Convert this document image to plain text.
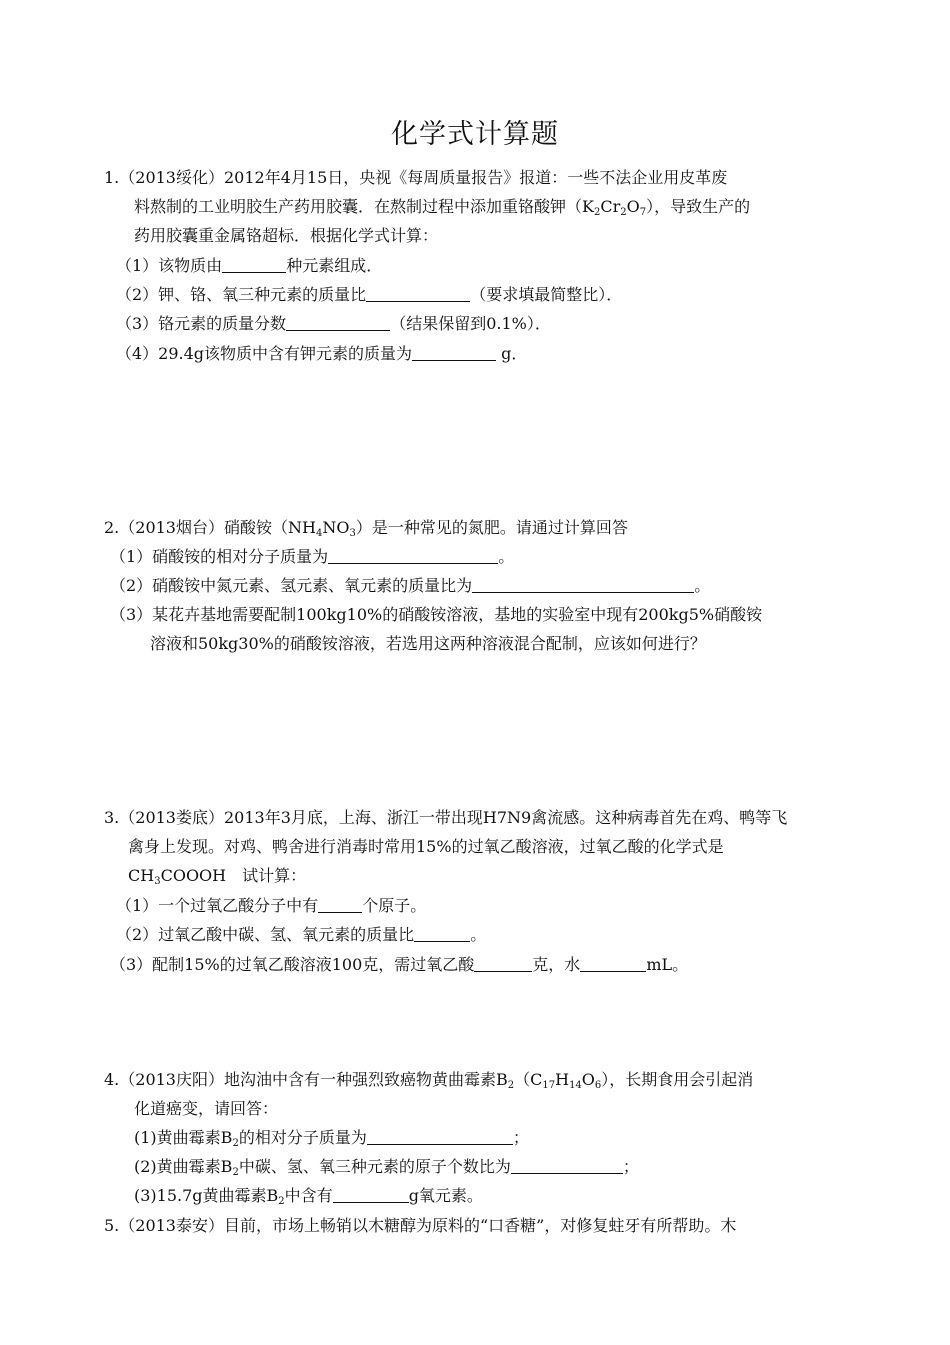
化学式计算题
1.（2013绥化）2012年4月15日，央视《每周质量报告》报道：一些不法企业用皮革废
料熬制的工业明胶生产药用胶囊．在熬制过程中添加重铬酸钾$(K_2Cr_2O_7)$，导致生产的
药用胶囊重金属铬超标．根据化学式计算：
（1）该物质由	种元素组成．
（2）钾、铬、氧三种元素的质量比	（要求填最简整比）．
（3）铬元素的质量分数	（结果保留到0.1%）．
（4）29.4g该物质中含有钾元素的质量为	g．
2.（2013烟台）硝酸铵$(NH_4NO_3)$是一种常见的氮肥。请通过计算回答
（1）硝酸铵的相对分子质量为	。
（2）硝酸铵中氮元素、氢元素、氧元素的质量比为	。
（3）某花卉基地需要配制100kg10%的硝酸铵溶液，基地的实验室中现有200kg5%硝酸铵
溶液和50kg30%的硝酸铵溶液，若选用这两种溶液混合配制，应该如何进行？
3.（2013娄底）2013年3月底，上海、浙江一带出现H7N9禽流感。这种病毒首先在鸡、鸭等飞
禽身上发现。对鸡、鸭舍进行消毒时常用15%的过氧乙酸溶液，过氧乙酸的化学式是
$CH_3COOOH$　试计算：
（1）一个过氧乙酸分子中有	个原子。
（2）过氧乙酸中碳、氢、氧元素的质量比	。
（3）配制15%的过氧乙酸溶液100克，需过氧乙酸	克，水	mL。
4.（2013庆阳）地沟油中含有一种强烈致癌物黄曲霉素$B_2(C_{17}H_{14}O_6)$，长期食用会引起消
化道癌变，请回答：
(1)黄曲霉素$B_2$的相对分子质量为	；
(2)黄曲霉素$B_2$中碳、氢、氧三种元素的原子个数比为	；
(3)15.7g黄曲霉素$B_2$中含有	g氧元素。
5.（2013泰安）目前，市场上畅销以木糖醇为原料的“口香糖”，对修复蛀牙有所帮助。木
